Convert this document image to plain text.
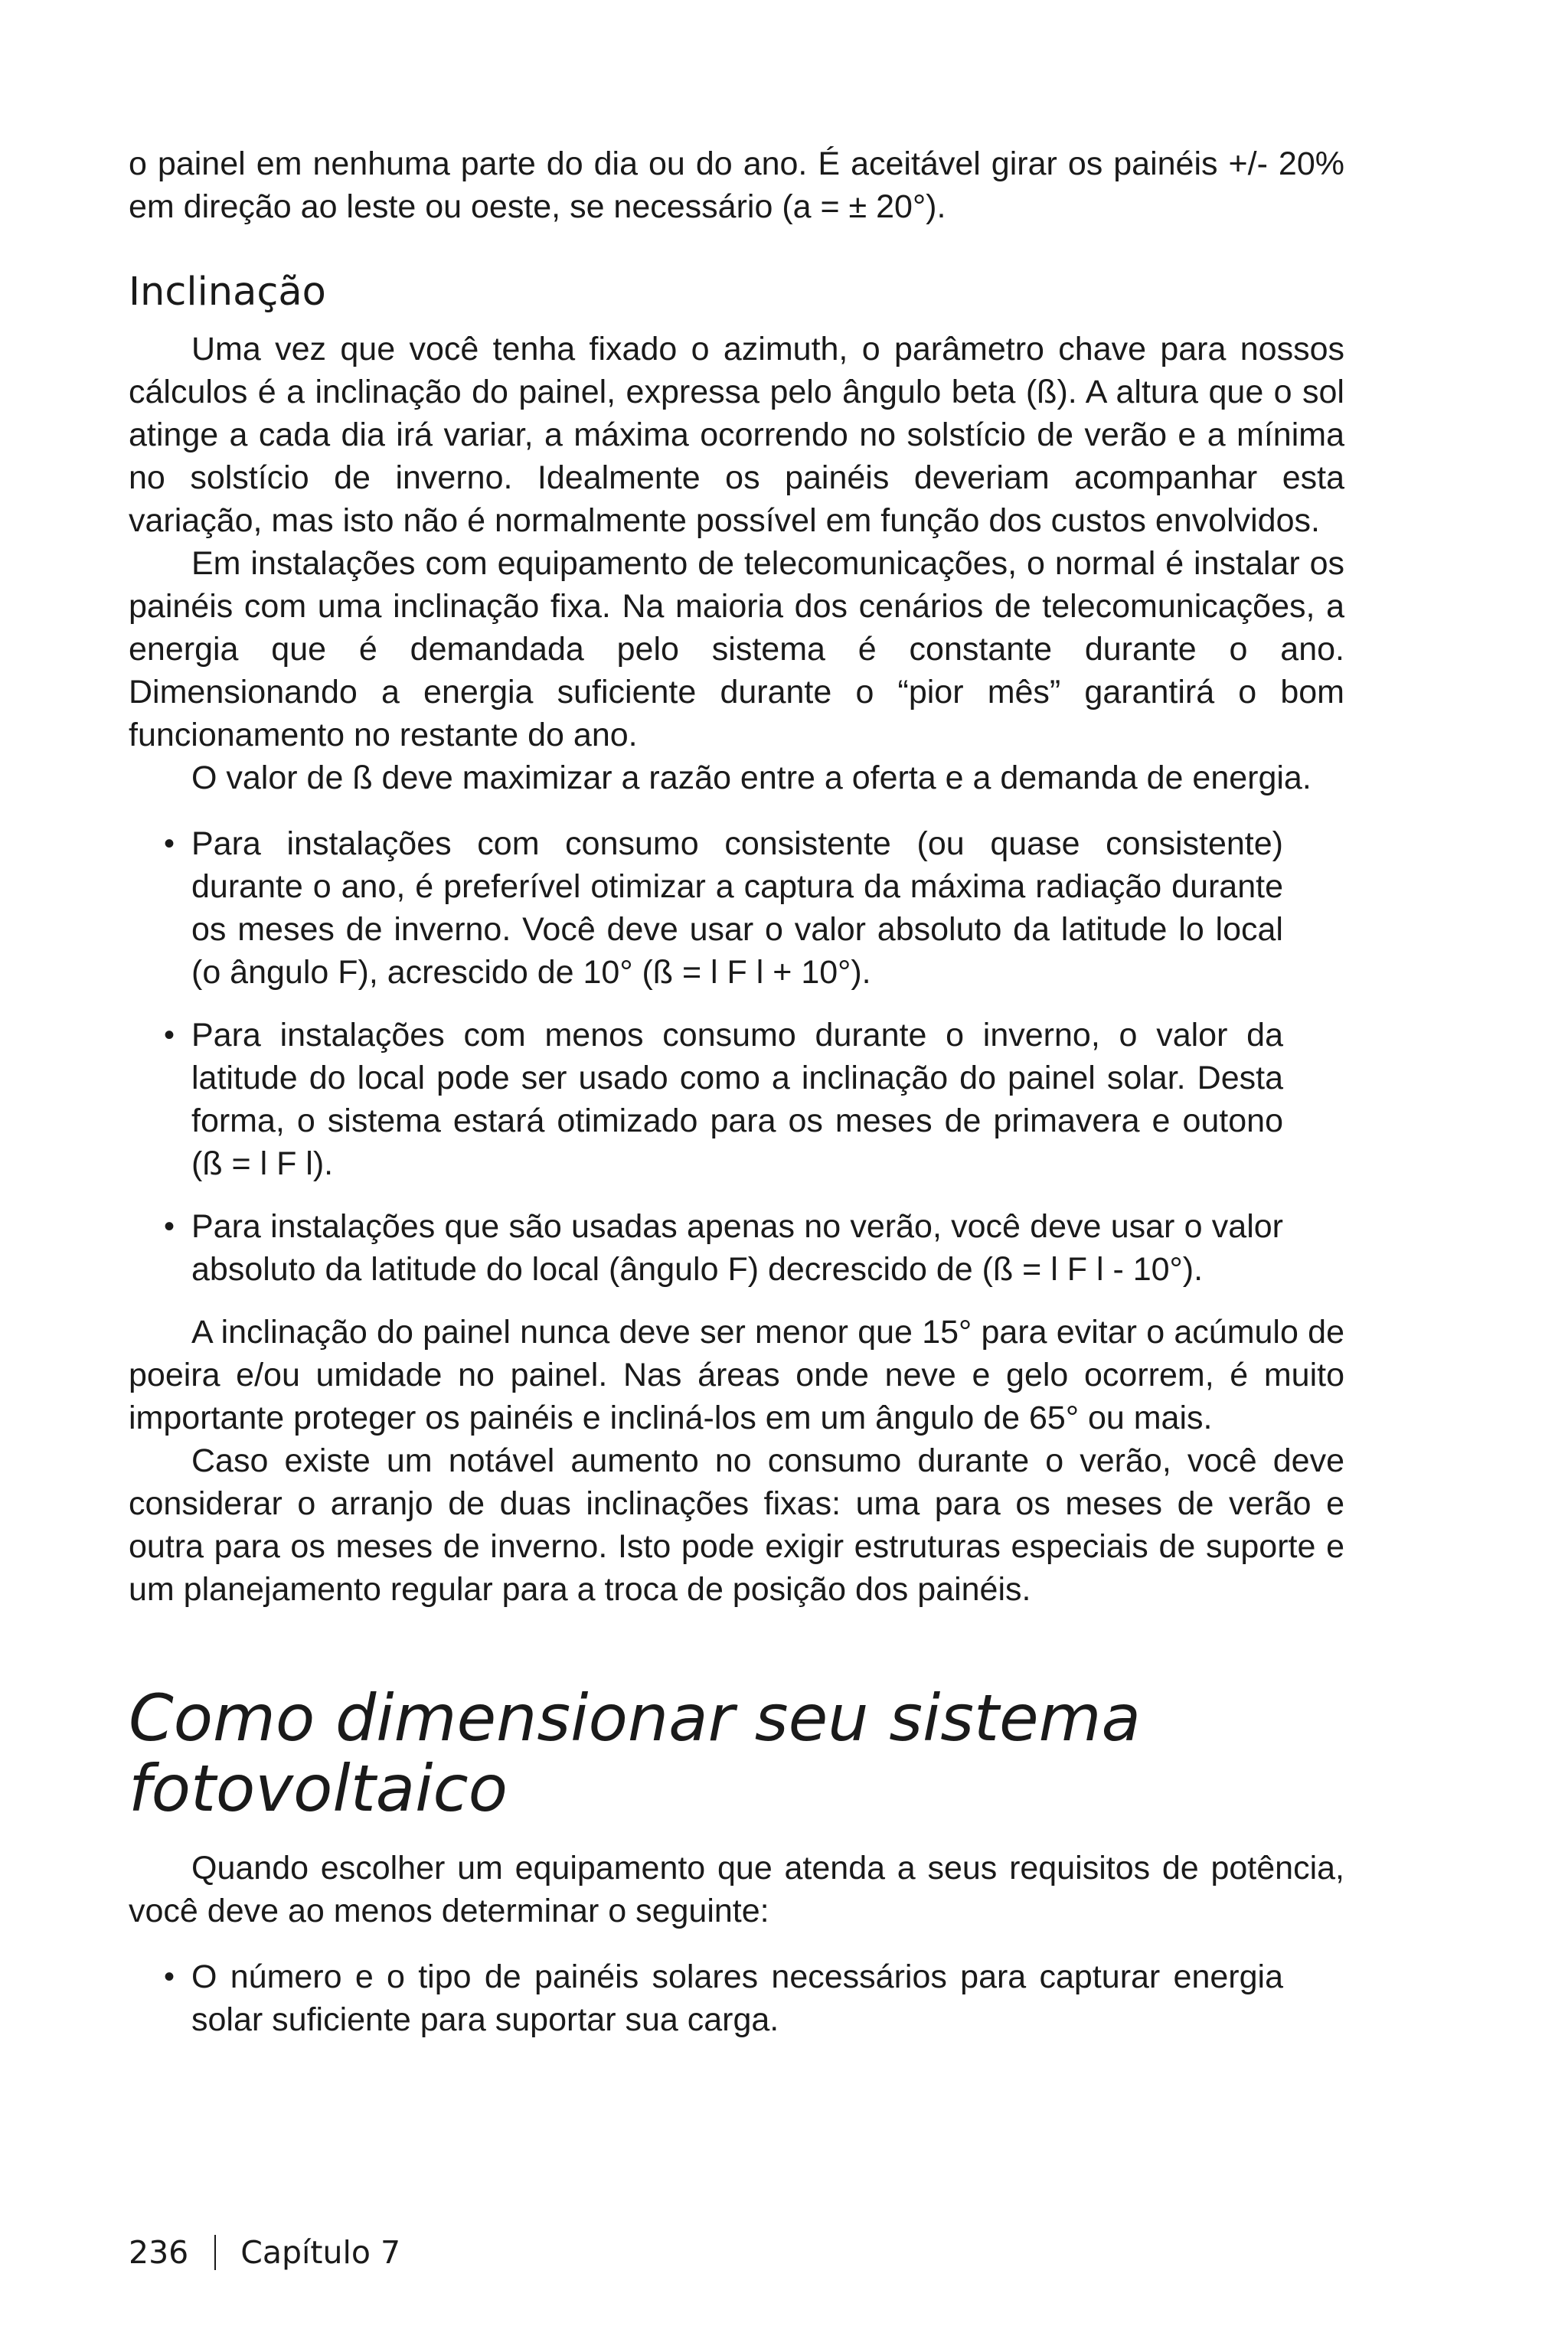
o painel em nenhuma parte do dia ou do ano. É aceitável girar os painéis +/- 20% em direção ao leste ou oeste, se necessário (a = ± 20°).

Inclinação

Uma vez que você tenha fixado o azimuth, o parâmetro chave para nossos cálculos é a inclinação do painel, expressa pelo ângulo beta (ß). A altura que o sol atinge a cada dia irá variar, a máxima ocorrendo no solstício de verão e a mínima no solstício de inverno. Idealmente os painéis deveriam acompanhar esta variação, mas isto não é normalmente possível em função dos custos envolvidos.

Em instalações com equipamento de telecomunicações, o normal é instalar os painéis com uma inclinação fixa. Na maioria dos cenários de telecomunicações, a energia que é demandada pelo sistema é constante durante o ano. Dimensionando a energia suficiente durante o “pior mês” garantirá o bom funcionamento no restante do ano.

O valor de ß deve maximizar a razão entre a oferta e a demanda de energia.

• Para instalações com consumo consistente (ou quase consistente) durante o ano, é preferível otimizar a captura da máxima radiação durante os meses de inverno. Você deve usar o valor absoluto da latitude lo local (o ângulo F), acrescido de 10° (ß = l F l + 10°).
• Para instalações com menos consumo durante o inverno, o valor da latitude do local pode ser usado como a inclinação do painel solar. Desta forma, o sistema estará otimizado para os meses de primavera e outono (ß = l F l).
• Para instalações que são usadas apenas no verão, você deve usar o valor absoluto da latitude do local (ângulo F) decrescido de (ß = l F l - 10°).

A inclinação do painel nunca deve ser menor que 15° para evitar o acúmulo de poeira e/ou umidade no painel. Nas áreas onde neve e gelo ocorrem, é muito importante proteger os painéis e incliná-los em um ângulo de 65° ou mais.

Caso existe um notável aumento no consumo durante o verão, você deve considerar o arranjo de duas inclinações fixas: uma para os meses de verão e outra para os meses de inverno. Isto pode exigir estruturas especiais de suporte e um planejamento regular para a troca de posição dos painéis.

Como dimensionar seu sistema
fotovoltaico

Quando escolher um equipamento que atenda a seus requisitos de potência, você deve ao menos determinar o seguinte:

• O número e o tipo de painéis solares necessários para capturar energia solar suficiente para suportar sua carga.
236 Capítulo 7
